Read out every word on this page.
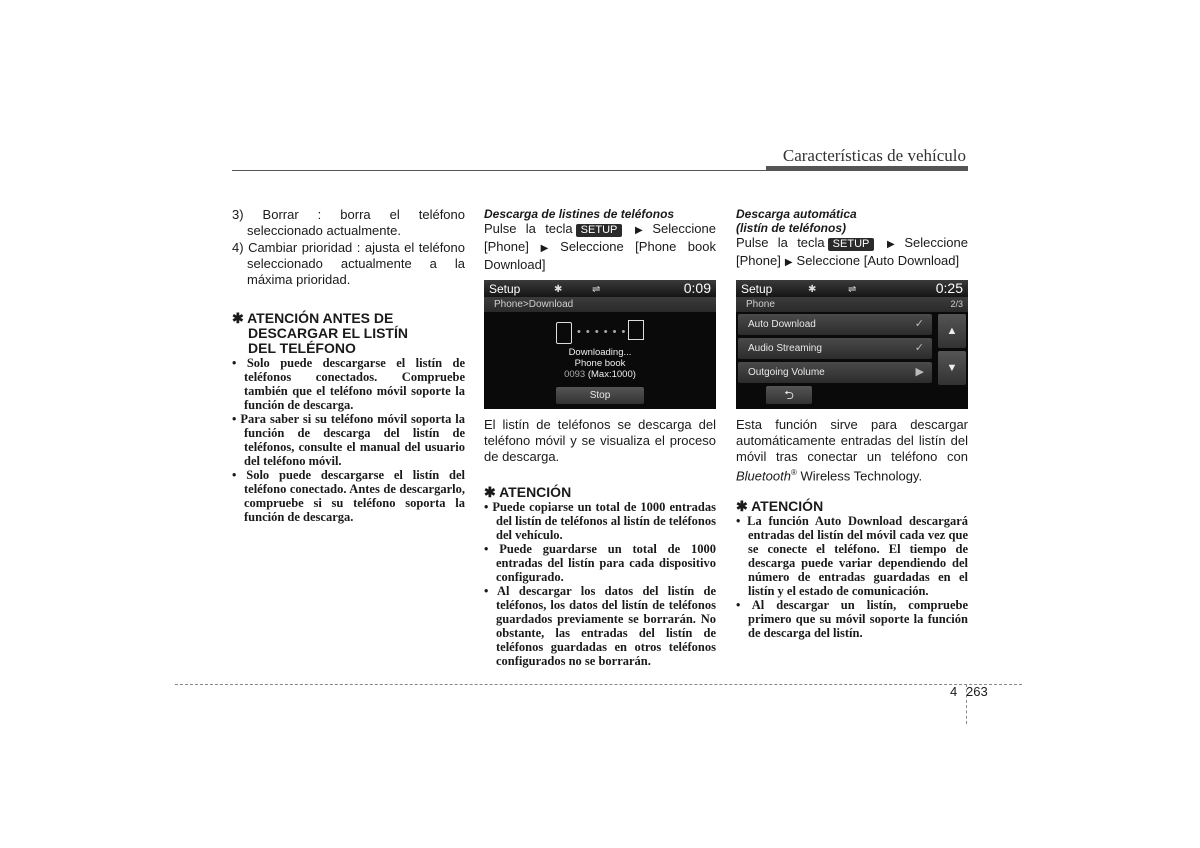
Características de vehículo

3) Borrar : borra el teléfono seleccionado actualmente.

4) Cambiar prioridad : ajusta el teléfono seleccionado actualmente a la máxima prioridad.

✱ ATENCIÓN ANTES DE
DESCARGAR EL LISTÍN
DEL TELÉFONO

• Solo puede descargarse el listín de teléfonos conectados. Compruebe también que el teléfono móvil soporte la función de descarga.
• Para saber si su teléfono móvil soporta la función de descarga del listín de teléfonos, consulte el manual del usuario del teléfono móvil.
• Solo puede descargarse el listín del teléfono conectado. Antes de descargarlo, compruebe si su teléfono soporta la función de descarga.

Descarga de listines de teléfonos

Pulse la tecla SETUP ▶ Seleccione [Phone] ▶ Seleccione [Phone book Download]

Setup	✱	⇌	0:09
Phone>Download
• • • • • •
Downloading...
Phone book
0093 (Max:1000)
Stop

El listín de teléfonos se descarga del teléfono móvil y se visualiza el proceso de descarga.

✱ ATENCIÓN

• Puede copiarse un total de 1000 entradas del listín de teléfonos al listín de teléfonos del vehículo.
• Puede guardarse un total de 1000 entradas del listín para cada dispositivo configurado.
• Al descargar los datos del listín de teléfonos, los datos del listín de teléfonos guardados previamente se borrarán. No obstante, las entradas del listín de teléfonos guardadas en otros teléfonos configurados no se borrarán.

Descarga automática
(listín de teléfonos)

Pulse la tecla SETUP ▶ Seleccione [Phone] ▶ Seleccione [Auto Download]

Setup	✱	⇌	0:25
Phone	2/3
Auto Download	✓
Audio Streaming	✓
Outgoing Volume	▶
▲
▼
⮌

Esta función sirve para descargar automáticamente entradas del listín del móvil tras conectar un teléfono con Bluetooth® Wireless Technology.

✱ ATENCIÓN

• La función Auto Download descargará entradas del listín del móvil cada vez que se conecte el teléfono. El tiempo de descarga puede variar dependiendo del número de entradas guardadas en el listín y el estado de comunicación.
• Al descargar un listín, compruebe primero que su móvil soporte la función de descarga del listín.
4 263
